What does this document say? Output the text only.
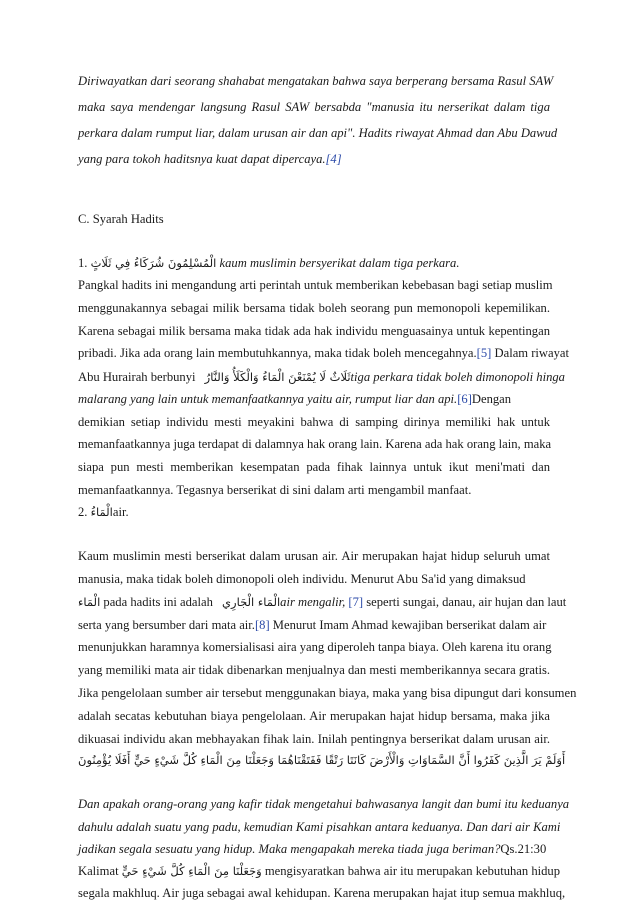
Diriwayatkan dari seorang shahabat mengatakan bahwa saya berperang bersama Rasul SAW
maka saya mendengar langsung Rasul SAW bersabda "manusia itu nerserikat dalam tiga
perkara dalam rumput liar, dalam urusan air dan api". Hadits riwayat Ahmad dan Abu Dawud
yang para tokoh haditsnya kuat dapat dipercaya.[4]
C. Syarah Hadits
1. الْمُسْلِمُونَ شُرَكَاءُ فِي ثَلَاثٍ kaum muslimin bersyerikat dalam tiga perkara.
Pangkal hadits ini mengandung arti perintah untuk memberikan kebebasan bagi setiap muslim
menggunakannya sebagai milik bersama tidak boleh seorang pun memonopoli kepemilikan.
Karena sebagai milik bersama maka tidak ada hak individu menguasainya untuk kepentingan
pribadi. Jika ada orang lain membutuhkannya, maka tidak boleh mencegahnya.[5] Dalam riwayat
Abu Hurairah berbunyi ثَلَاثٌ لَا يُمْنَعْنَ الْمَاءُ وَالْكَلَأُ وَالنَّارُtiga perkara tidak boleh dimonopoli hinga
malarang yang lain untuk memanfaatkannya yaitu air, rumput liar dan api.[6]Dengan
demikian setiap individu mesti meyakini bahwa di samping dirinya memiliki hak untuk
memanfaatkannya juga terdapat di dalamnya hak orang lain. Karena ada hak orang lain, maka
siapa pun mesti memberikan kesempatan pada fihak lainnya untuk ikut meni'mati dan
memanfaatkannya. Tegasnya berserikat di sini dalam arti mengambil manfaat.
2. الْمَاءُair.
Kaum muslimin mesti berserikat dalam urusan air. Air merupakan hajat hidup seluruh umat
manusia, maka tidak boleh dimonopoli oleh individu. Menurut Abu Sa'id yang dimaksud
الْمَاء pada hadits ini adalah الْمَاء الْجَارِيair mengalir, [7] seperti sungai, danau, air hujan dan laut
serta yang bersumber dari mata air.[8] Menurut Imam Ahmad kewajiban berserikat dalam air
menunjukkan haramnya komersialisasi aira yang diperoleh tanpa biaya. Oleh karena itu orang
yang memiliki mata air tidak dibenarkan menjualnya dan mesti memberikannya secara gratis.
Jika pengelolaan sumber air tersebut menggunakan biaya, maka yang bisa dipungut dari konsumen
adalah secatas kebutuhan biaya pengelolaan. Air merupakan hajat hidup bersama, maka jika
dikuasai individu akan mebhayakan fihak lain. Inilah pentingnya berserikat dalam urusan air.
أَوَلَمْ يَرَ الَّذِينَ كَفَرُوا أَنَّ السَّمَاوَاتِ وَالْأَرْضَ كَانَتَا رَتْقًا فَفَتَقْنَاهُمَا وَجَعَلْنَا مِنَ الْمَاءِ كُلَّ شَيْءٍ حَيٍّ أَفَلَا يُؤْمِنُونَ
Dan apakah orang-orang yang kafir tidak mengetahui bahwasanya langit dan bumi itu keduanya
dahulu adalah suatu yang padu, kemudian Kami pisahkan antara keduanya. Dan dari air Kami
jadikan segala sesuatu yang hidup. Maka mengapakah mereka tiada juga beriman?Qs.21:30
Kalimat وَجَعَلْنَا مِنَ الْمَاءِ كُلَّ شَيْءٍ حَيٍّ mengisyaratkan bahwa air itu merupakan kebutuhan hidup
segala makhluq. Air juga sebagai awal kehidupan. Karena merupakan hajat itup semua makhluq,
